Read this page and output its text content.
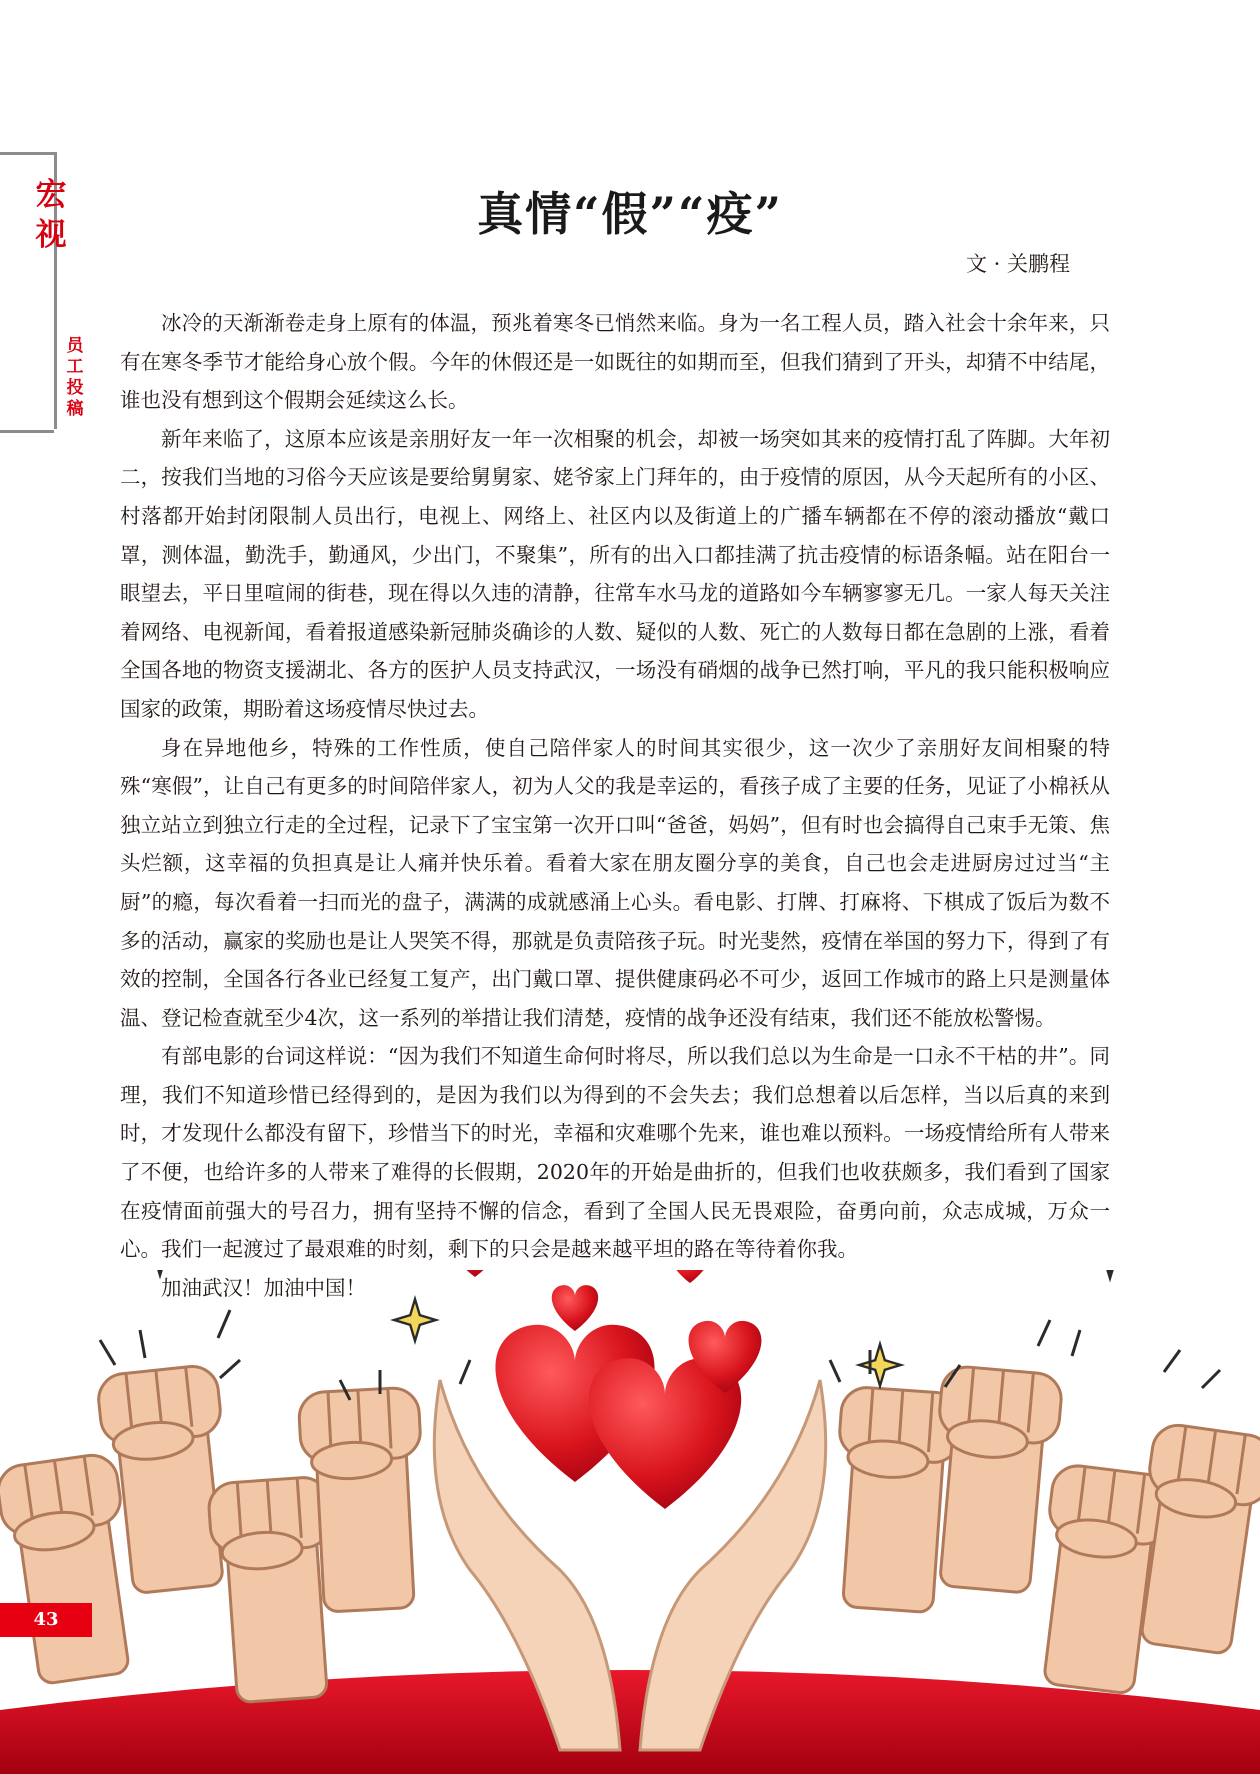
宏
视
员
工
投
稿
真情“假”“疫”
文 · 关鹏程

冰冷的天渐渐卷走身上原有的体温，预兆着寒冬已悄然来临。身为一名工程人员，踏入社会十余年来，只有在寒冬季节才能给身心放个假。今年的休假还是一如既往的如期而至，但我们猜到了开头，却猜不中结尾，谁也没有想到这个假期会延续这么长。

新年来临了，这原本应该是亲朋好友一年一次相聚的机会，却被一场突如其来的疫情打乱了阵脚。大年初二，按我们当地的习俗今天应该是要给舅舅家、姥爷家上门拜年的，由于疫情的原因，从今天起所有的小区、村落都开始封闭限制人员出行，电视上、网络上、社区内以及街道上的广播车辆都在不停的滚动播放“戴口罩，测体温，勤洗手，勤通风，少出门，不聚集”，所有的出入口都挂满了抗击疫情的标语条幅。站在阳台一眼望去，平日里喧闹的街巷，现在得以久违的清静，往常车水马龙的道路如今车辆寥寥无几。一家人每天关注着网络、电视新闻，看着报道感染新冠肺炎确诊的人数、疑似的人数、死亡的人数每日都在急剧的上涨，看着全国各地的物资支援湖北、各方的医护人员支持武汉，一场没有硝烟的战争已然打响，平凡的我只能积极响应国家的政策，期盼着这场疫情尽快过去。

身在异地他乡，特殊的工作性质，使自己陪伴家人的时间其实很少，这一次少了亲朋好友间相聚的特殊“寒假”，让自己有更多的时间陪伴家人，初为人父的我是幸运的，看孩子成了主要的任务，见证了小棉袄从独立站立到独立行走的全过程，记录下了宝宝第一次开口叫“爸爸，妈妈”，但有时也会搞得自己束手无策、焦头烂额，这幸福的负担真是让人痛并快乐着。看着大家在朋友圈分享的美食，自己也会走进厨房过过当“主厨”的瘾，每次看着一扫而光的盘子，满满的成就感涌上心头。看电影、打牌、打麻将、下棋成了饭后为数不多的活动，赢家的奖励也是让人哭笑不得，那就是负责陪孩子玩。时光斐然，疫情在举国的努力下，得到了有效的控制，全国各行各业已经复工复产，出门戴口罩、提供健康码必不可少，返回工作城市的路上只是测量体温、登记检查就至少4次，这一系列的举措让我们清楚，疫情的战争还没有结束，我们还不能放松警惕。

有部电影的台词这样说：“因为我们不知道生命何时将尽，所以我们总以为生命是一口永不干枯的井”。同理，我们不知道珍惜已经得到的，是因为我们以为得到的不会失去；我们总想着以后怎样，当以后真的来到时，才发现什么都没有留下，珍惜当下的时光，幸福和灾难哪个先来，谁也难以预料。一场疫情给所有人带来了不便，也给许多的人带来了难得的长假期，2020年的开始是曲折的，但我们也收获颇多，我们看到了国家在疫情面前强大的号召力，拥有坚持不懈的信念，看到了全国人民无畏艰险，奋勇向前，众志成城，万众一心。我们一起渡过了最艰难的时刻，剩下的只会是越来越平坦的路在等待着你我。

加油武汉！加油中国！

43
